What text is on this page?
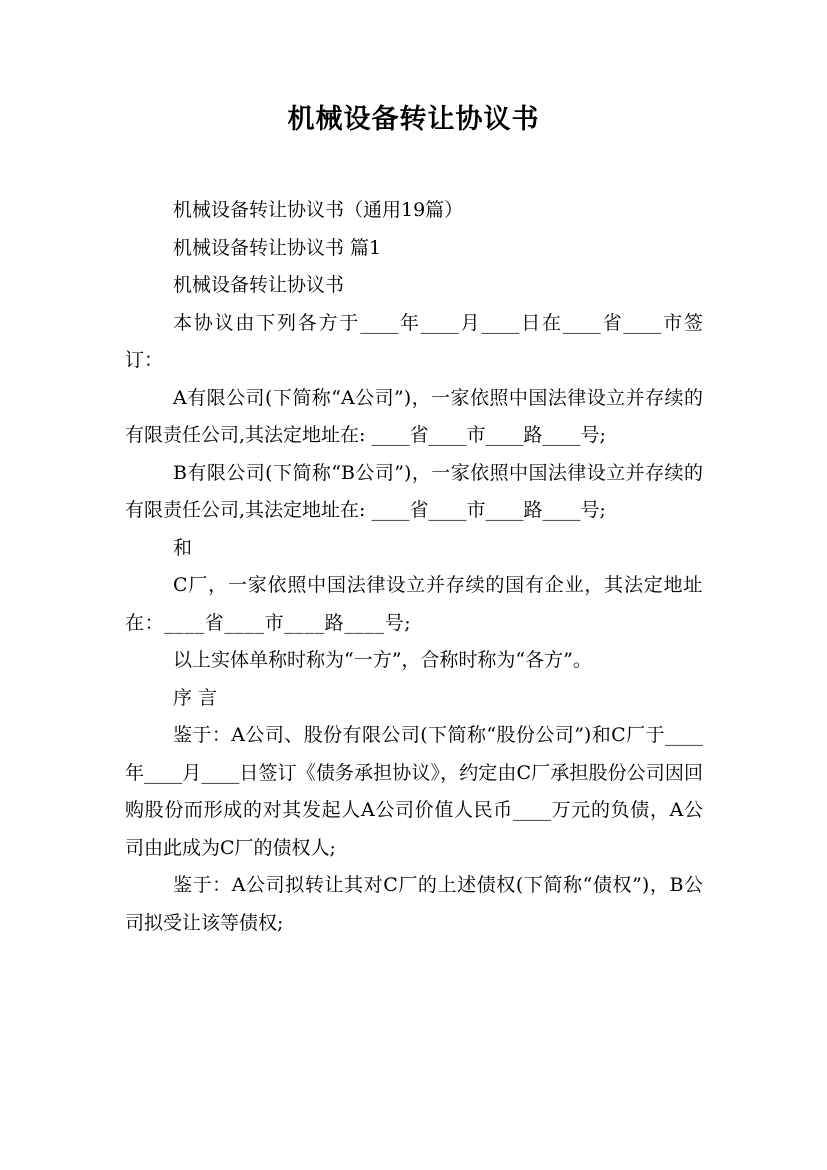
机械设备转让协议书

机械设备转让协议书（通用19篇）

机械设备转让协议书 篇1

机械设备转让协议书

本协议由下列各方于____年____月____日在____省____市签订：

A有限公司(下简称“A公司”)，一家依照中国法律设立并存续的有限责任公司,其法定地址在: ____省____市____路____号;

B有限公司(下简称“B公司”)，一家依照中国法律设立并存续的有限责任公司,其法定地址在: ____省____市____路____号;

和

C厂，一家依照中国法律设立并存续的国有企业，其法定地址在：____省____市____路____号;

以上实体单称时称为“一方”，合称时称为“各方”。

序 言

鉴于：A公司、股份有限公司(下简称“股份公司”)和C厂于____年____月____日签订《债务承担协议》，约定由C厂承担股份公司因回购股份而形成的对其发起人A公司价值人民币____万元的负债，A公司由此成为C厂的债权人;

鉴于：A公司拟转让其对C厂的上述债权(下简称“债权”)，B公司拟受让该等债权;
